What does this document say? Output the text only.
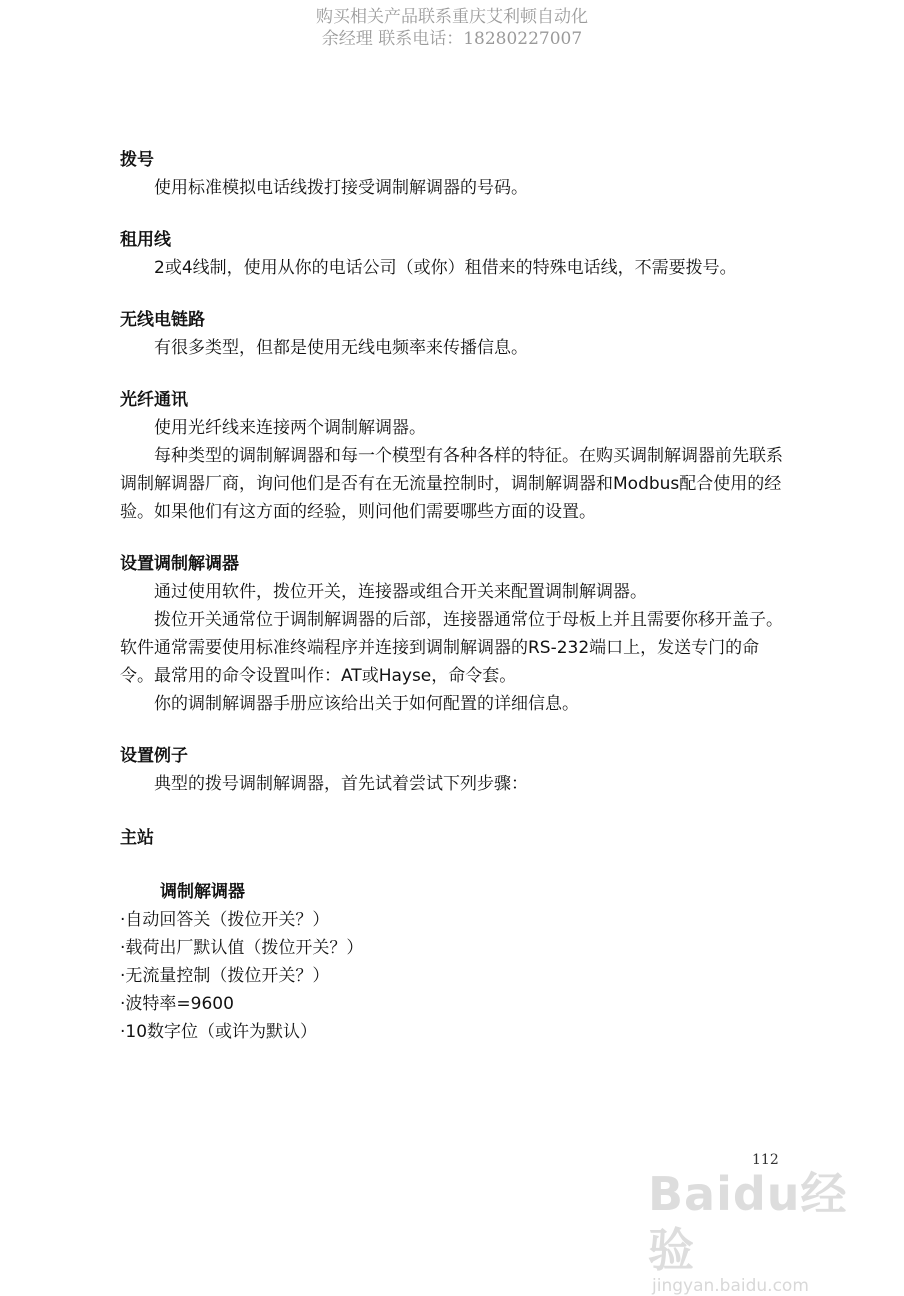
购买相关产品联系重庆艾利顿自动化
余经理 联系电话：18280227007

拨号

使用标准模拟电话线拨打接受调制解调器的号码。

租用线

2或4线制，使用从你的电话公司（或你）租借来的特殊电话线，不需要拨号。

无线电链路

有很多类型，但都是使用无线电频率来传播信息。

光纤通讯

使用光纤线来连接两个调制解调器。

每种类型的调制解调器和每一个模型有各种各样的特征。在购买调制解调器前先联系调制解调器厂商，询问他们是否有在无流量控制时，调制解调器和Modbus配合使用的经验。如果他们有这方面的经验，则问他们需要哪些方面的设置。

设置调制解调器

通过使用软件，拨位开关，连接器或组合开关来配置调制解调器。

拨位开关通常位于调制解调器的后部，连接器通常位于母板上并且需要你移开盖子。软件通常需要使用标准终端程序并连接到调制解调器的RS-232端口上，发送专门的命令。最常用的命令设置叫作：AT或Hayse，命令套。

你的调制解调器手册应该给出关于如何配置的详细信息。

设置例子

典型的拨号调制解调器，首先试着尝试下列步骤：

主站

调制解调器

·自动回答关（拨位开关？）

·载荷出厂默认值（拨位开关？）

·无流量控制（拨位开关？）

·波特率=9600

·10数字位（或许为默认）

112
Baidu经验
jingyan.baidu.com
